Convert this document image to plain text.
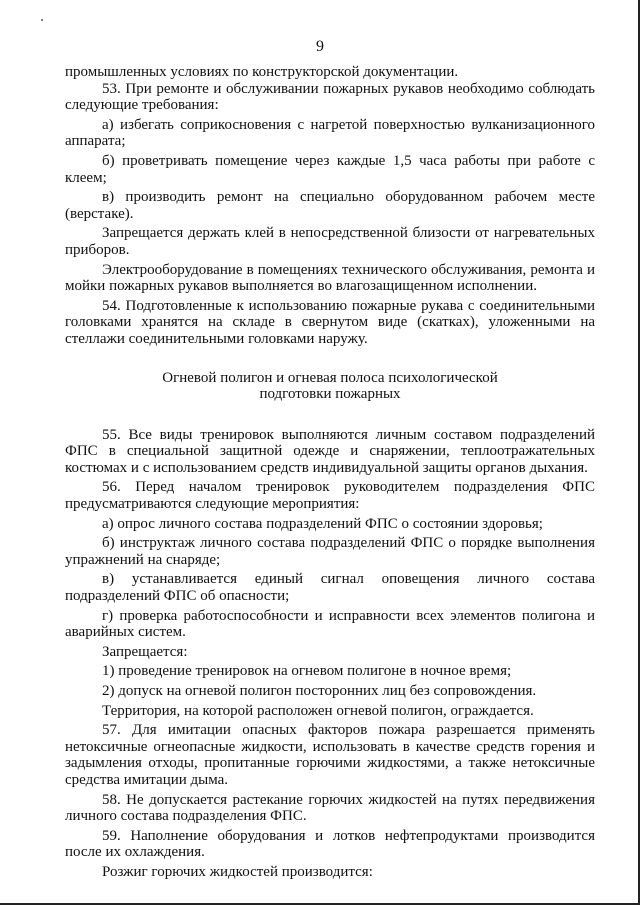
9

промышленных условиях по конструкторской документации.

53. При ремонте и обслуживании пожарных рукавов необходимо соблюдать следующие требования:

а) избегать соприкосновения с нагретой поверхностью вулканизационного аппарата;

б) проветривать помещение через каждые 1,5 часа работы при работе с клеем;

в) производить ремонт на специально оборудованном рабочем месте (верстаке).

Запрещается держать клей в непосредственной близости от нагревательных приборов.

Электрооборудование в помещениях технического обслуживания, ремонта и мойки пожарных рукавов выполняется во влагозащищенном исполнении.

54. Подготовленные к использованию пожарные рукава с соединительными головками хранятся на складе в свернутом виде (скатках), уложенными на стеллажи соединительными головками наружу.

Огневой полигон и огневая полоса психологической
подготовки пожарных

55. Все виды тренировок выполняются личным составом подразделений ФПС в специальной защитной одежде и снаряжении, теплоотражательных костюмах и с использованием средств индивидуальной защиты органов дыхания.

56. Перед началом тренировок руководителем подразделения ФПС предусматриваются следующие мероприятия:

а) опрос личного состава подразделений ФПС о состоянии здоровья;

б) инструктаж личного состава подразделений ФПС о порядке выполнения упражнений на снаряде;

в) устанавливается единый сигнал оповещения личного состава подразделений ФПС об опасности;

г) проверка работоспособности и исправности всех элементов полигона и аварийных систем.

Запрещается:

1) проведение тренировок на огневом полигоне в ночное время;

2) допуск на огневой полигон посторонних лиц без сопровождения.

Территория, на которой расположен огневой полигон, ограждается.

57. Для имитации опасных факторов пожара разрешается применять нетоксичные огнеопасные жидкости, использовать в качестве средств горения и задымления отходы, пропитанные горючими жидкостями, а также нетоксичные средства имитации дыма.

58. Не допускается растекание горючих жидкостей на путях передвижения личного состава подразделения ФПС.

59. Наполнение оборудования и лотков нефтепродуктами производится после их охлаждения.

Розжиг горючих жидкостей производится:
